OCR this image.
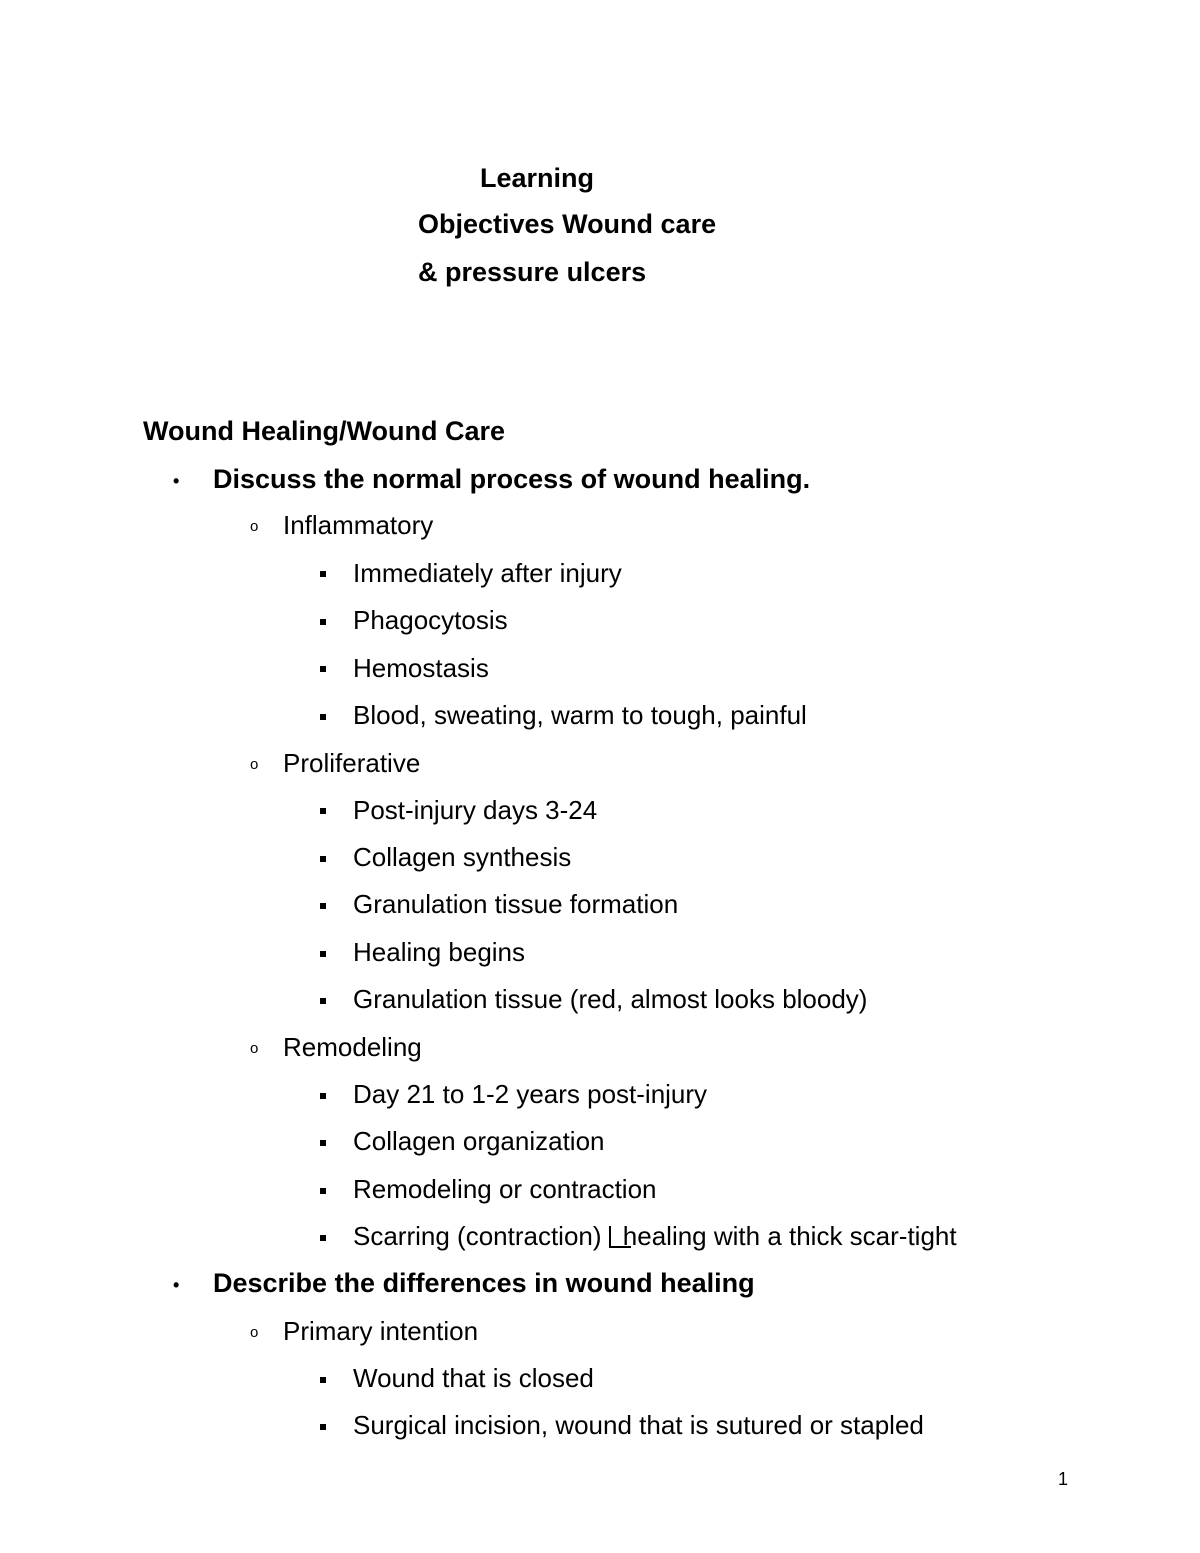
Learning
Objectives Wound care
& pressure ulcers
Wound Healing/Wound Care
• Discuss the normal process of wound healing.
o Inflammatory
Immediately after injury
Phagocytosis
Hemostasis
Blood, sweating, warm to tough, painful
o Proliferative
Post-injury days 3-24
Collagen synthesis
Granulation tissue formation
Healing begins
Granulation tissue (red, almost looks bloody)
o Remodeling
Day 21 to 1-2 years post-injury
Collagen organization
Remodeling or contraction
Scarring (contraction) healing with a thick scar-tight
• Describe the differences in wound healing
o Primary intention
Wound that is closed
Surgical incision, wound that is sutured or stapled
1
